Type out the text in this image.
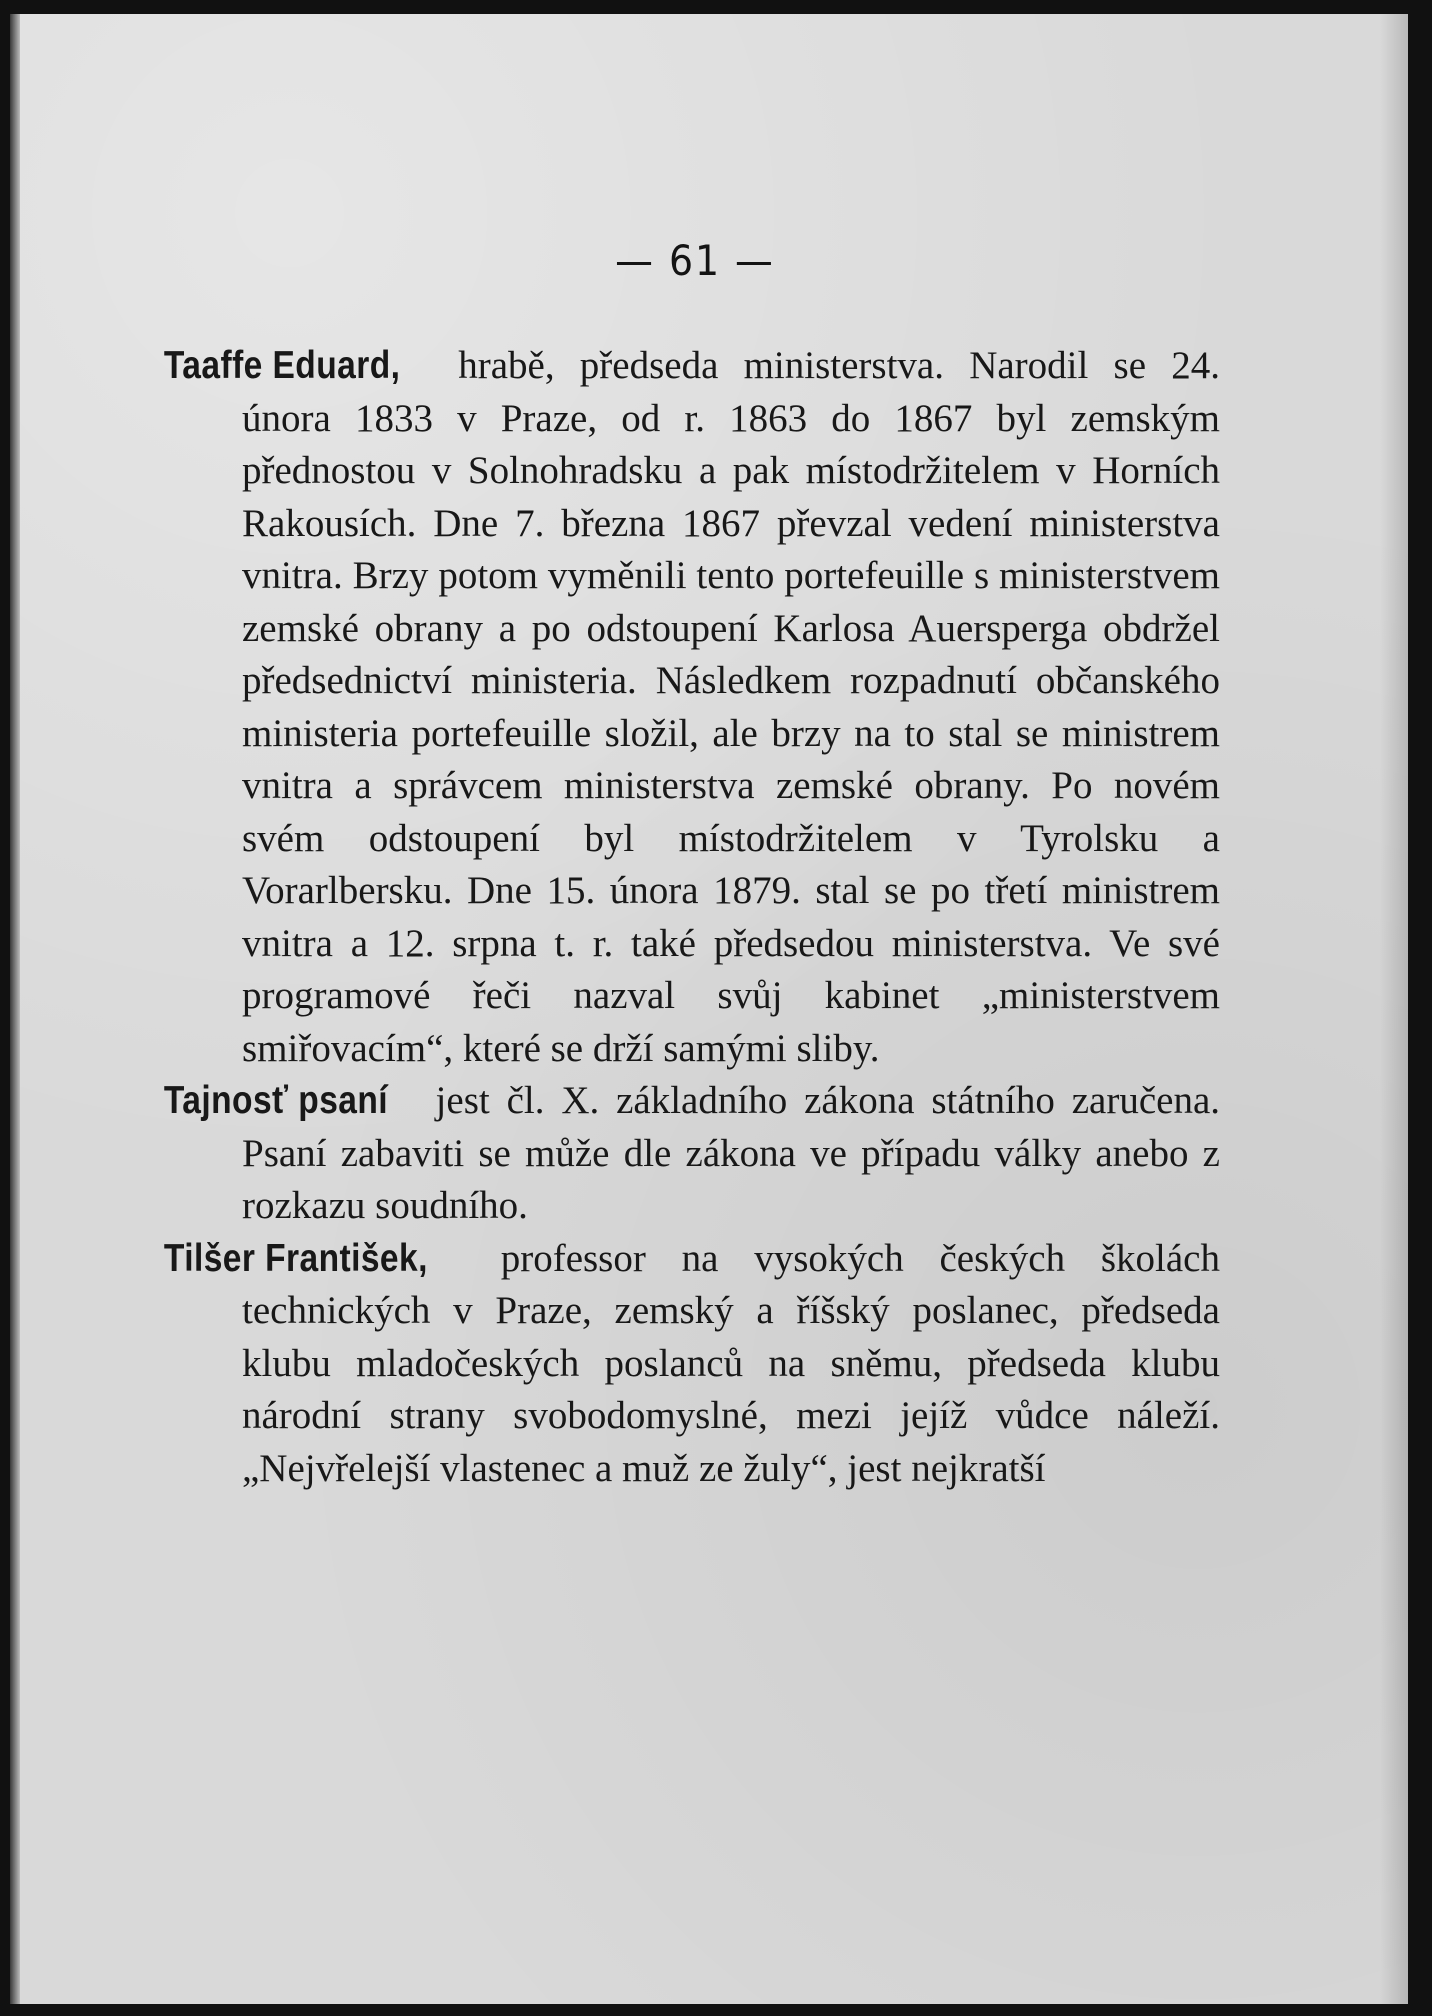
— 61 —

Taaffe Eduard, hrabě, předseda ministerstva. Narodil se 24. února 1833 v Praze, od r. 1863 do 1867 byl zemským přednostou v Solnohradsku a pak místodržitelem v Horních Rakousích. Dne 7. března 1867 převzal vedení ministerstva vnitra. Brzy potom vyměnili tento portefeuille s ministerstvem zemské obrany a po odstoupení Karlosa Auersperga obdržel předsednictví ministeria. Následkem rozpadnutí občanského ministeria portefeuille složil, ale brzy na to stal se ministrem vnitra a správcem ministerstva zemské obrany. Po novém svém odstoupení byl místodržitelem v Tyrolsku a Vorarlbersku. Dne 15. února 1879. stal se po třetí ministrem vnitra a 12. srpna t. r. také předsedou ministerstva. Ve své programové řeči nazval svůj kabinet „ministerstvem smiřovacím“, které se drží samými sliby.

Tajnosť psaní jest čl. X. základního zákona státního zaručena. Psaní zabaviti se může dle zákona ve případu války anebo z rozkazu soudního.

Tilšer František, professor na vysokých českých školách technických v Praze, zemský a říšský poslanec, předseda klubu mladočeských poslanců na sněmu, předseda klubu národní strany svobodomyslné, mezi jejíž vůdce náleží. „Nejvřelejší vlastenec a muž ze žuly“, jest nejkratší
